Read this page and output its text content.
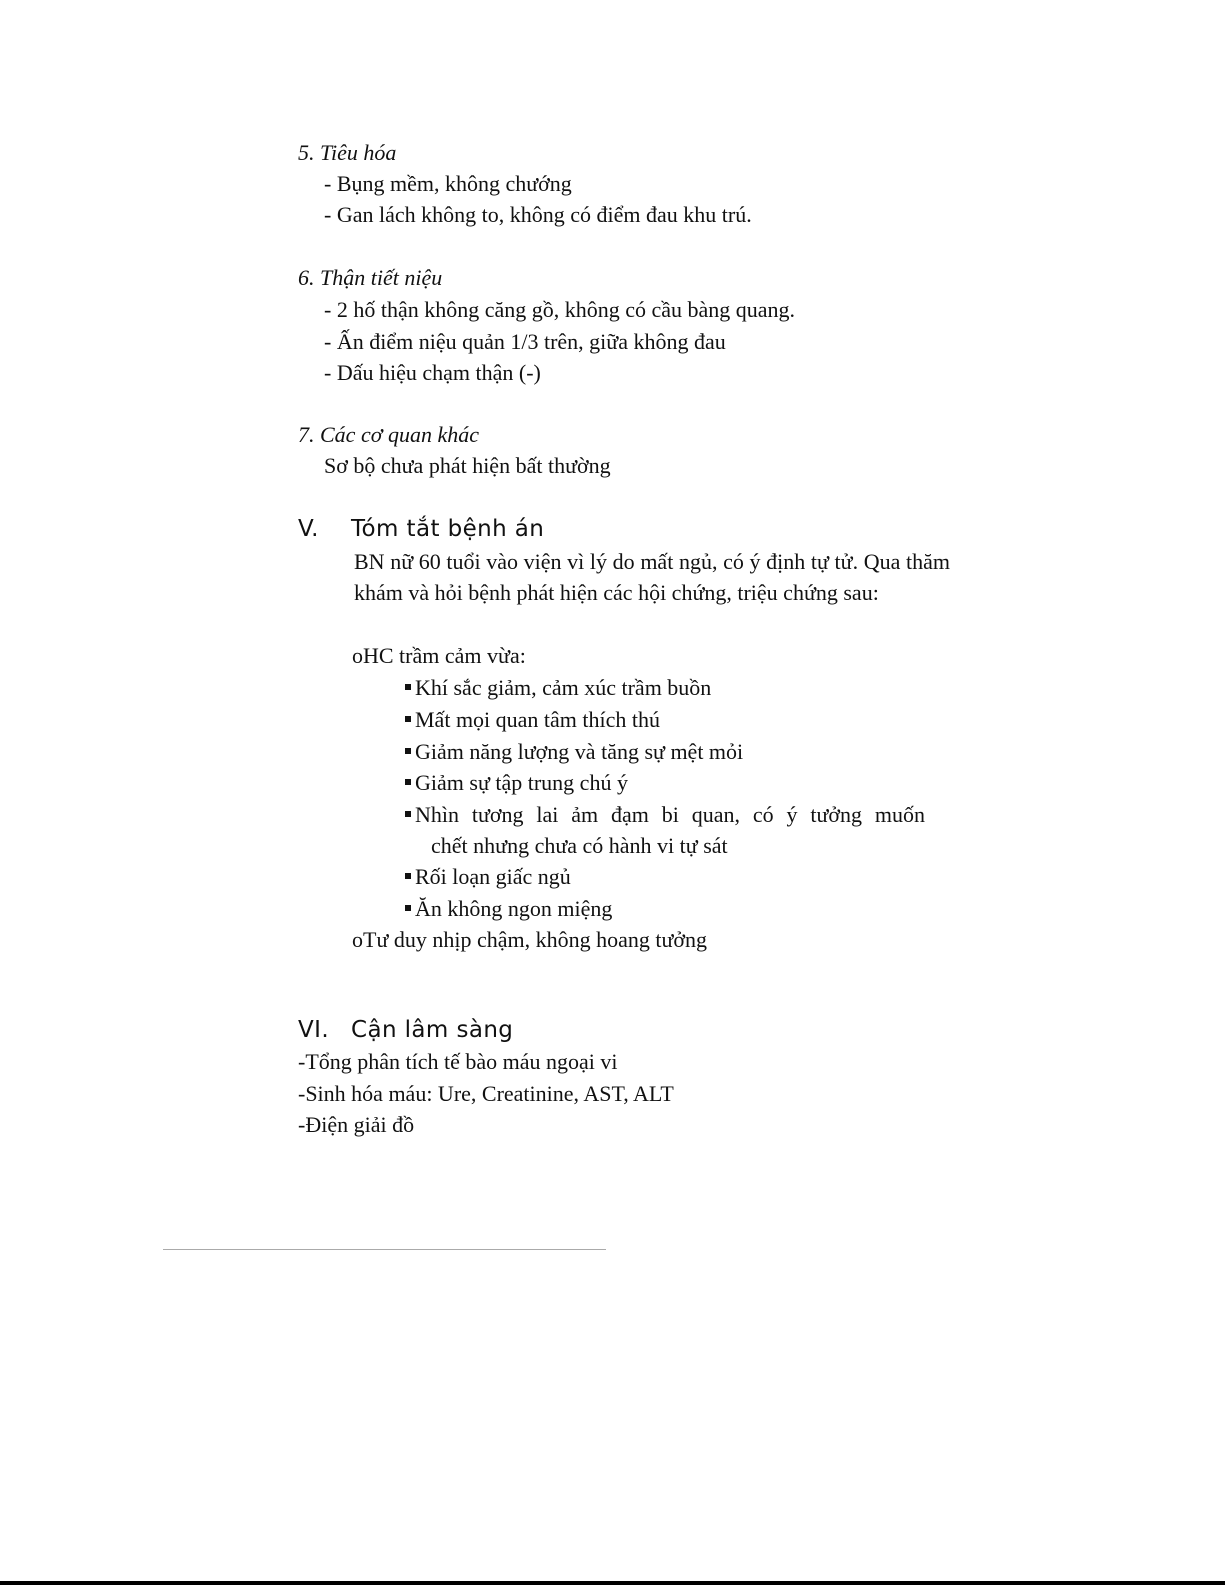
5. Tiêu hóa
- Bụng mềm, không chướng
- Gan lách không to, không có điểm đau khu trú.
6. Thận tiết niệu
- 2 hố thận không căng gồ, không có cầu bàng quang.
- Ấn điểm niệu quản 1/3 trên, giữa không đau
- Dấu hiệu chạm thận (-)
7. Các cơ quan khác
Sơ bộ chưa phát hiện bất thường
V. Tóm tắt bệnh án
BN nữ 60 tuổi vào viện vì lý do mất ngủ, có ý định tự tử. Qua thăm khám và hỏi bệnh phát hiện các hội chứng, triệu chứng sau:
oHC trầm cảm vừa:
Khí sắc giảm, cảm xúc trầm buồn
Mất mọi quan tâm thích thú
Giảm năng lượng và tăng sự mệt mỏi
Giảm sự tập trung chú ý
Nhìn tương lai ảm đạm bi quan, có ý tưởng muốn
chết nhưng chưa có hành vi tự sát
Rối loạn giấc ngủ
Ăn không ngon miệng
oTư duy nhịp chậm, không hoang tưởng
VI. Cận lâm sàng
-Tổng phân tích tế bào máu ngoại vi
-Sinh hóa máu: Ure, Creatinine, AST, ALT
-Điện giải đồ
